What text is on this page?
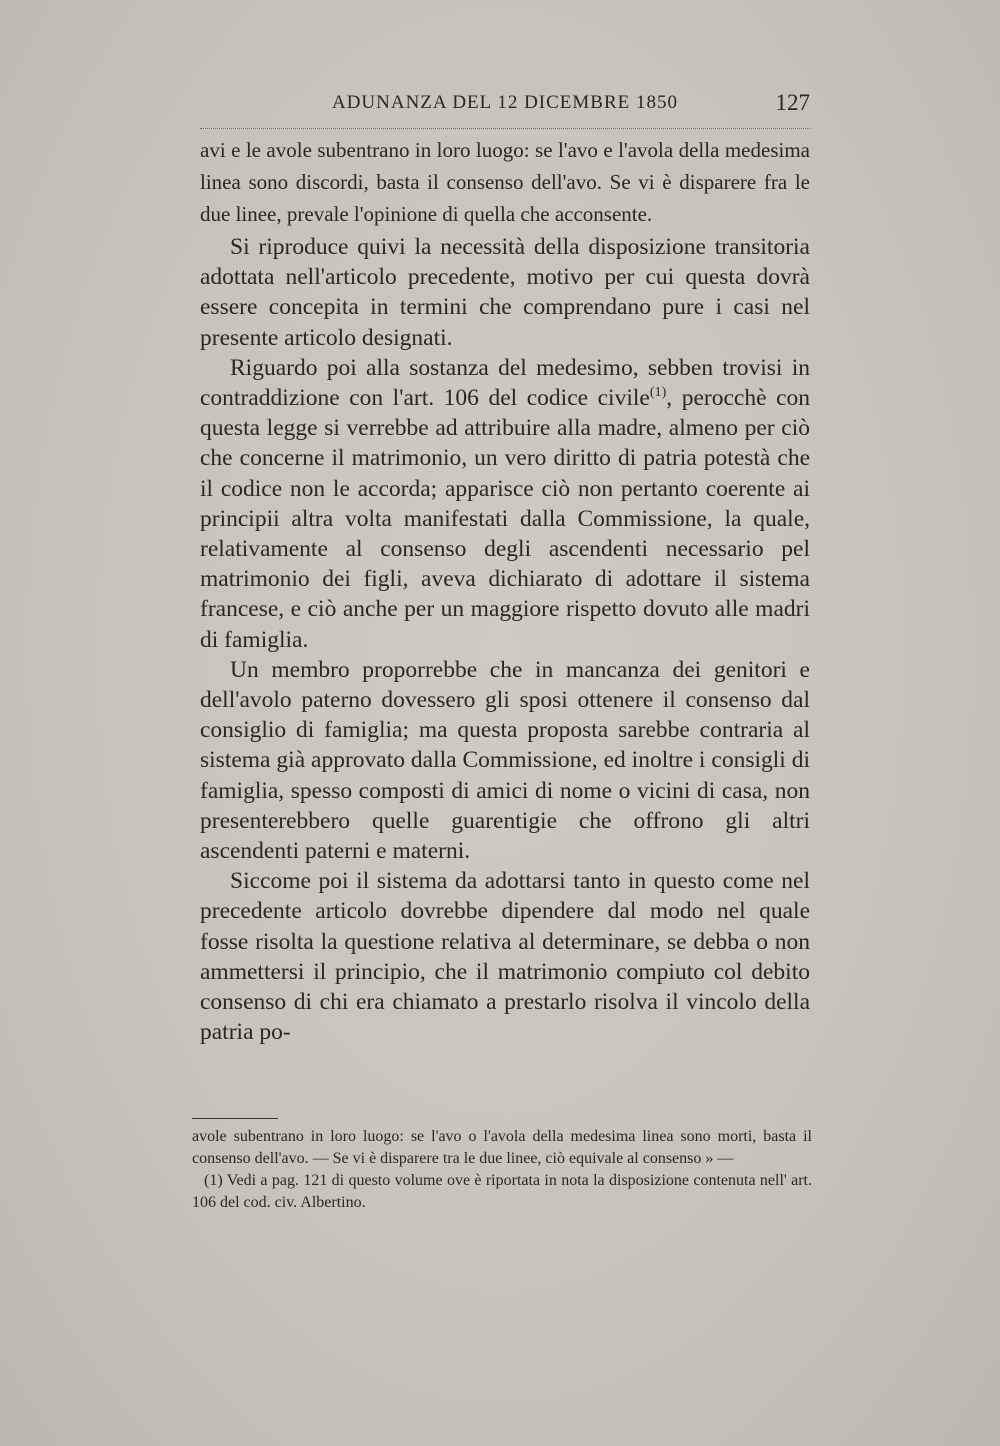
ADUNANZA DEL 12 DICEMBRE 1850	127
avi e le avole subentrano in loro luogo: se l'avo e l'avola della medesima linea sono discordi, basta il consenso dell'avo. Se vi è disparere fra le due linee, prevale l'opinione di quella che acconsente.

Si riproduce quivi la necessità della disposizione transitoria adottata nell'articolo precedente, motivo per cui questa dovrà essere concepita in termini che comprendano pure i casi nel presente articolo designati.

Riguardo poi alla sostanza del medesimo, sebben trovisi in contraddizione con l'art. 106 del codice civile$^{(1)}$, perocchè con questa legge si verrebbe ad attribuire alla madre, almeno per ciò che concerne il matrimonio, un vero diritto di patria potestà che il codice non le accorda; apparisce ciò non pertanto coerente ai principii altra volta manifestati dalla Commissione, la quale, relativamente al consenso degli ascendenti necessario pel matrimonio dei figli, aveva dichiarato di adottare il sistema francese, e ciò anche per un maggiore rispetto dovuto alle madri di famiglia.

Un membro proporrebbe che in mancanza dei genitori e dell'avolo paterno dovessero gli sposi ottenere il consenso dal consiglio di famiglia; ma questa proposta sarebbe contraria al sistema già approvato dalla Commissione, ed inoltre i consigli di famiglia, spesso composti di amici di nome o vicini di casa, non presenterebbero quelle guarentigie che offrono gli altri ascendenti paterni e materni.

Siccome poi il sistema da adottarsi tanto in questo come nel precedente articolo dovrebbe dipendere dal modo nel quale fosse risolta la questione relativa al determinare, se debba o non ammettersi il principio, che il matrimonio compiuto col debito consenso di chi era chiamato a prestarlo risolva il vincolo della patria po-

avole subentrano in loro luogo: se l'avo o l'avola della medesima linea sono morti, basta il consenso dell'avo. — Se vi è disparere tra le due linee, ciò equivale al consenso » —

(1) Vedi a pag. 121 di questo volume ove è riportata in nota la disposizione contenuta nell' art. 106 del cod. civ. Albertino.
